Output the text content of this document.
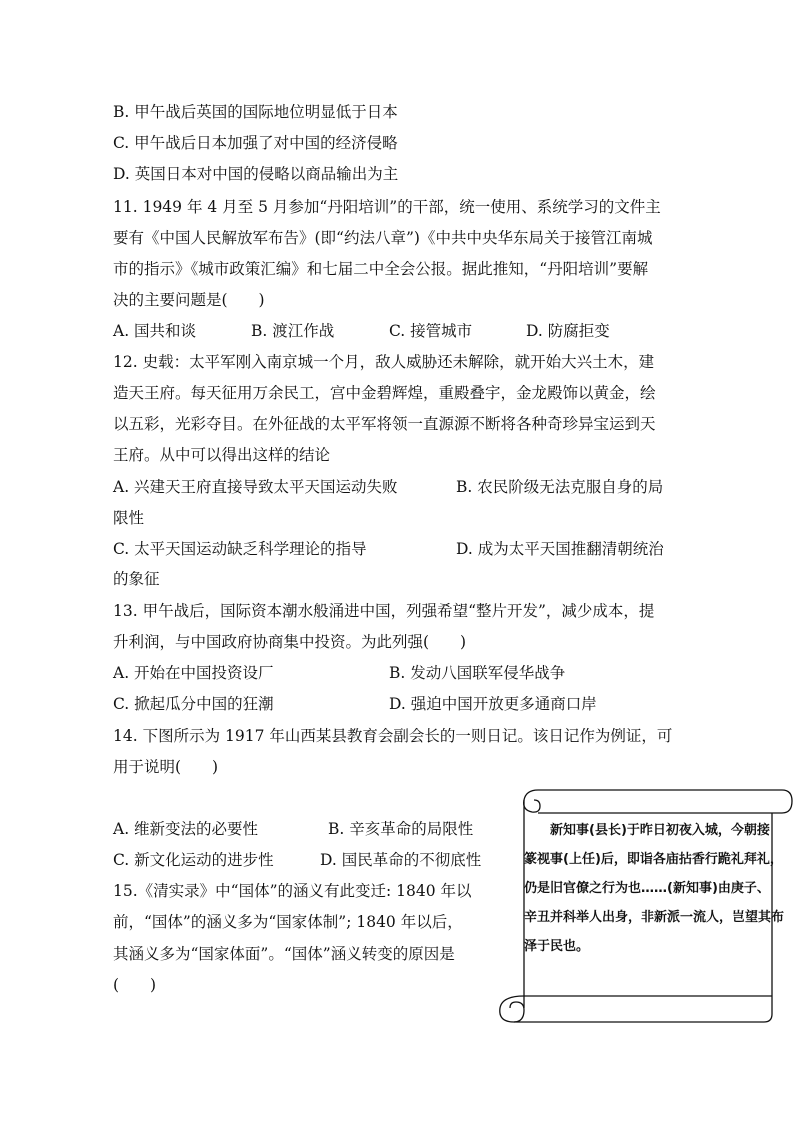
B. 甲午战后英国的国际地位明显低于日本
C. 甲午战后日本加强了对中国的经济侵略
D. 英国日本对中国的侵略以商品输出为主
11. 1949 年 4 月至 5 月参加“丹阳培训”的干部，统一使用、系统学习的文件主
要有《中国人民解放军布告》(即“约法八章”)《中共中央华东局关于接管江南城
市的指示》《城市政策汇编》和七届二中全会公报。据此推知，“丹阳培训”要解
决的主要问题是(　　)
A. 国共和谈	B. 渡江作战	C. 接管城市	D. 防腐拒变
12. 史载：太平军刚入南京城一个月，敌人威胁还未解除，就开始大兴土木，建
造天王府。每天征用万余民工，宫中金碧辉煌，重殿叠宇，金龙殿饰以黄金，绘
以五彩，光彩夺目。在外征战的太平军将领一直源源不断将各种奇珍异宝运到天
王府。从中可以得出这样的结论
A. 兴建天王府直接导致太平天国运动失败	B. 农民阶级无法克服自身的局
限性
C. 太平天国运动缺乏科学理论的指导	D. 成为太平天国推翻清朝统治
的象征
13. 甲午战后，国际资本潮水般涌进中国，列强希望“整片开发”，减少成本，提
升利润，与中国政府协商集中投资。为此列强(　　)
A. 开始在中国投资设厂	B. 发动八国联军侵华战争
C. 掀起瓜分中国的狂潮	D. 强迫中国开放更多通商口岸
14. 下图所示为 1917 年山西某县教育会副会长的一则日记。该日记作为例证，可
用于说明(　　)
A. 维新变法的必要性	B. 辛亥革命的局限性
C. 新文化运动的进步性	D. 国民革命的不彻底性
15.《清实录》中“国体”的涵义有此变迁: 1840 年以
前，“国体”的涵义多为“国家体制”; 1840 年以后，
其涵义多为“国家体面”。“国体”涵义转变的原因是
(　　)
　　新知事(县长)于昨日初夜入城，今朝接
篆视事(上任)后，即诣各庙拈香行跪礼拜礼，
仍是旧官僚之行为也……(新知事)由庚子、
辛丑并科举人出身，非新派一流人，岂望其布
泽于民也。
